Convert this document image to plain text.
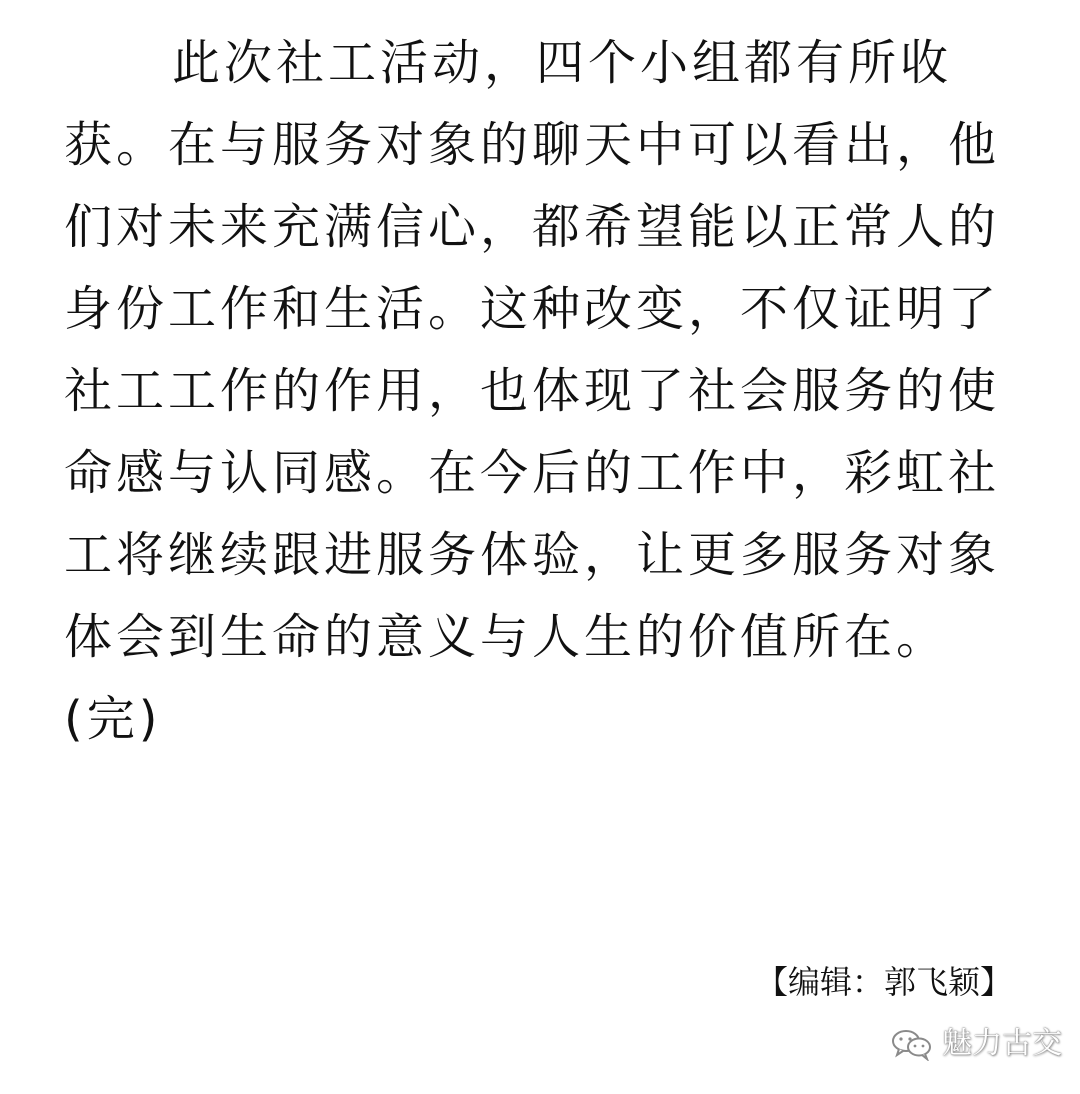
此次社工活动，四个小组都有所收
获。在与服务对象的聊天中可以看出，他
们对未来充满信心，都希望能以正常人的
身份工作和生活。这种改变，不仅证明了
社工工作的作用，也体现了社会服务的使
命感与认同感。在今后的工作中，彩虹社
工将继续跟进服务体验，让更多服务对象
体会到生命的意义与人生的价值所在。
(完)
【编辑：郭飞颖】
魅力古交
